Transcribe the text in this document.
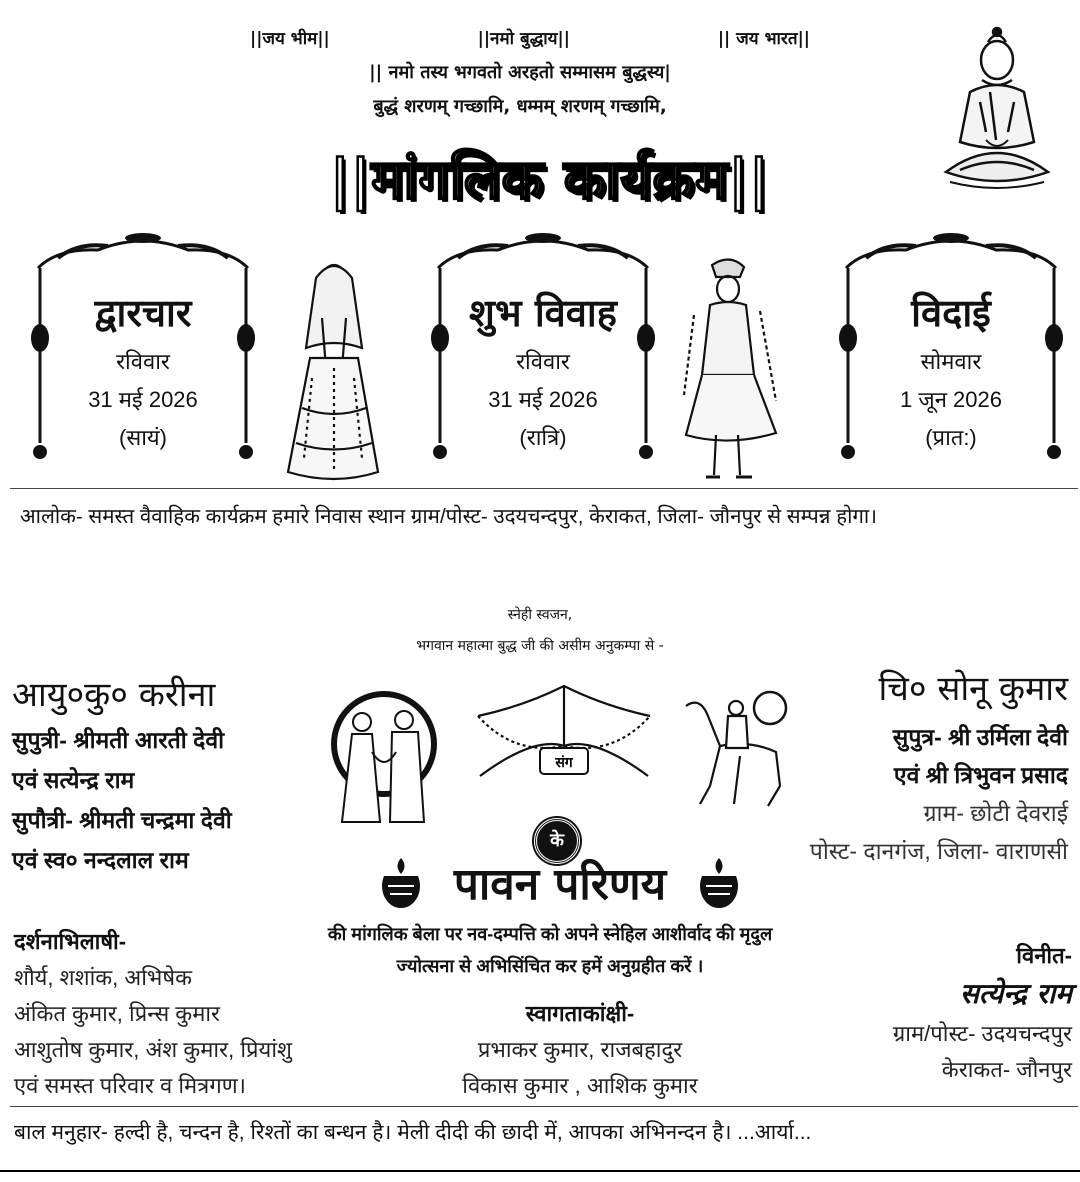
||जय भीम||	||नमो बुद्धाय||	|| जय भारत||
|| नमो तस्य भगवतो अरहतो सम्मासम बुद्धस्य|
बुद्धं शरणम् गच्छामि, धम्मम् शरणम् गच्छामि,
||मांगलिक कार्यक्रम||
द्वारचार
रविवार
31 मई 2026
(सायं)
शुभ विवाह
रविवार
31 मई 2026
(रात्रि)
विदाई
सोमवार
1 जून 2026
(प्रात:)
आलोक- समस्त वैवाहिक कार्यक्रम हमारे निवास स्थान ग्राम/पोस्ट- उदयचन्दपुर, केराकत, जिला- जौनपुर से सम्पन्न होगा।
स्नेही स्वजन,
भगवान महात्मा बुद्ध जी की असीम अनुकम्पा से -
आयु०कु० करीना
सुपुत्री- श्रीमती आरती देवी
एवं सत्येन्द्र राम
सुपौत्री- श्रीमती चन्द्रमा देवी
एवं स्व० नन्दलाल राम
चि० सोनू कुमार
सुपुत्र- श्री उर्मिला देवी
एवं श्री त्रिभुवन प्रसाद
ग्राम- छोटी देवराई
पोस्ट- दानगंज, जिला- वाराणसी
संग
के
पावन परिणय
की मांगलिक बेला पर नव-दम्पत्ति को अपने स्नेहिल आशीर्वाद की मृदुल
ज्योत्सना से अभिसिंचित कर हमें अनुग्रहीत करें ।
दर्शनाभिलाषी-
शौर्य, शशांक, अभिषेक
अंकित कुमार, प्रिन्स कुमार
आशुतोष कुमार, अंश कुमार, प्रियांशु
एवं समस्त परिवार व मित्रगण।
स्वागताकांक्षी-
प्रभाकर कुमार, राजबहादुर
विकास कुमार , आशिक कुमार
विनीत-
सत्येन्द्र राम
ग्राम/पोस्ट- उदयचन्दपुर
केराकत- जौनपुर
बाल मनुहार- हल्दी है, चन्दन है, रिश्तों का बन्धन है। मेली दीदी की छादी में, आपका अभिनन्दन है। ...आर्या...
